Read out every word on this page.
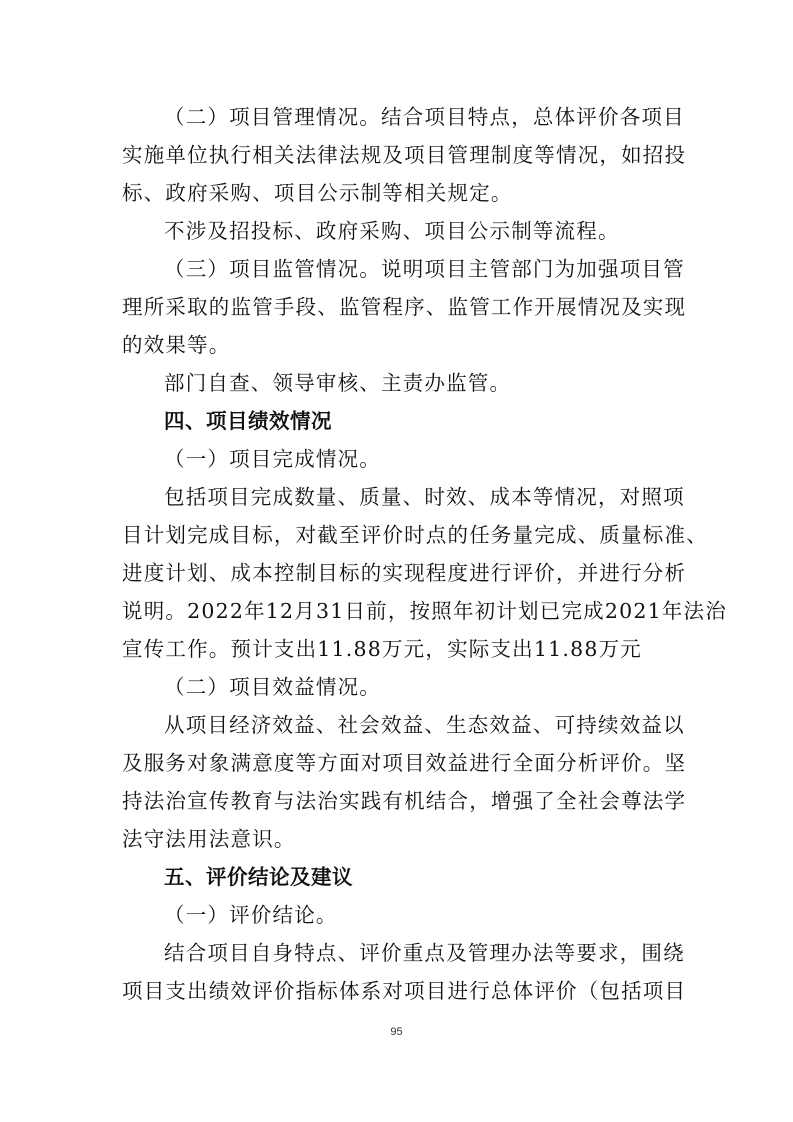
（二）项目管理情况。结合项目特点，总体评价各项目
实施单位执行相关法律法规及项目管理制度等情况，如招投
标、政府采购、项目公示制等相关规定。
不涉及招投标、政府采购、项目公示制等流程。
（三）项目监管情况。说明项目主管部门为加强项目管
理所采取的监管手段、监管程序、监管工作开展情况及实现
的效果等。
部门自查、领导审核、主责办监管。
四、项目绩效情况
（一）项目完成情况。
包括项目完成数量、质量、时效、成本等情况，对照项
目计划完成目标，对截至评价时点的任务量完成、质量标准、
进度计划、成本控制目标的实现程度进行评价，并进行分析
说明。2022年12月31日前，按照年初计划已完成2021年法治
宣传工作。预计支出11.88万元，实际支出11.88万元
（二）项目效益情况。
从项目经济效益、社会效益、生态效益、可持续效益以
及服务对象满意度等方面对项目效益进行全面分析评价。坚
持法治宣传教育与法治实践有机结合，增强了全社会尊法学
法守法用法意识。
五、评价结论及建议
（一）评价结论。
结合项目自身特点、评价重点及管理办法等要求，围绕
项目支出绩效评价指标体系对项目进行总体评价（包括项目
95
